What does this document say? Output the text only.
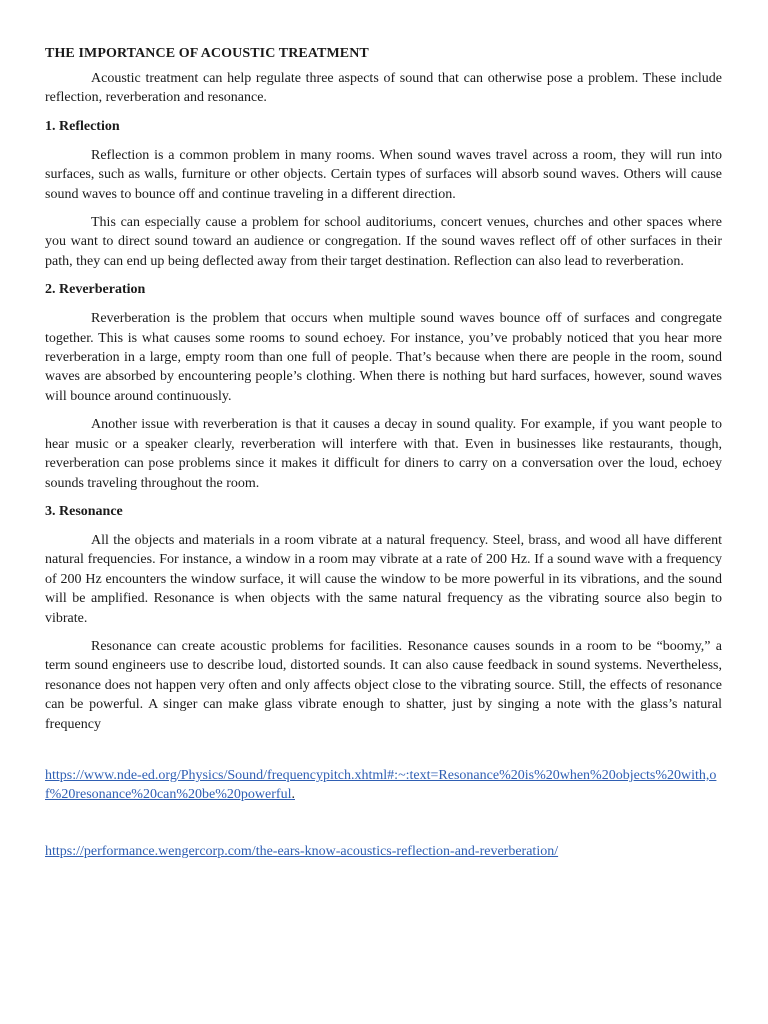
THE IMPORTANCE OF ACOUSTIC TREATMENT

Acoustic treatment can help regulate three aspects of sound that can otherwise pose a problem. These include reflection, reverberation and resonance.

1. Reflection

Reflection is a common problem in many rooms. When sound waves travel across a room, they will run into surfaces, such as walls, furniture or other objects. Certain types of surfaces will absorb sound waves. Others will cause sound waves to bounce off and continue traveling in a different direction.

This can especially cause a problem for school auditoriums, concert venues, churches and other spaces where you want to direct sound toward an audience or congregation. If the sound waves reflect off of other surfaces in their path, they can end up being deflected away from their target destination. Reflection can also lead to reverberation.

2. Reverberation

Reverberation is the problem that occurs when multiple sound waves bounce off of surfaces and congregate together. This is what causes some rooms to sound echoey. For instance, you’ve probably noticed that you hear more reverberation in a large, empty room than one full of people. That’s because when there are people in the room, sound waves are absorbed by encountering people’s clothing. When there is nothing but hard surfaces, however, sound waves will bounce around continuously.

Another issue with reverberation is that it causes a decay in sound quality. For example, if you want people to hear music or a speaker clearly, reverberation will interfere with that. Even in businesses like restaurants, though, reverberation can pose problems since it makes it difficult for diners to carry on a conversation over the loud, echoey sounds traveling throughout the room.

3. Resonance

All the objects and materials in a room vibrate at a natural frequency. Steel, brass, and wood all have different natural frequencies. For instance, a window in a room may vibrate at a rate of 200 Hz. If a sound wave with a frequency of 200 Hz encounters the window surface, it will cause the window to be more powerful in its vibrations, and the sound will be amplified. Resonance is when objects with the same natural frequency as the vibrating source also begin to vibrate.

Resonance can create acoustic problems for facilities. Resonance causes sounds in a room to be “boomy,” a term sound engineers use to describe loud, distorted sounds. It can also cause feedback in sound systems. Nevertheless, resonance does not happen very often and only affects object close to the vibrating source. Still, the effects of resonance can be powerful. A singer can make glass vibrate enough to shatter, just by singing a note with the glass’s natural frequency

https://www.nde-ed.org/Physics/Sound/frequencypitch.xhtml#:~:text=Resonance%20is%20when%20objects%20with,of%20resonance%20can%20be%20powerful.
https://performance.wengercorp.com/the-ears-know-acoustics-reflection-and-reverberation/
